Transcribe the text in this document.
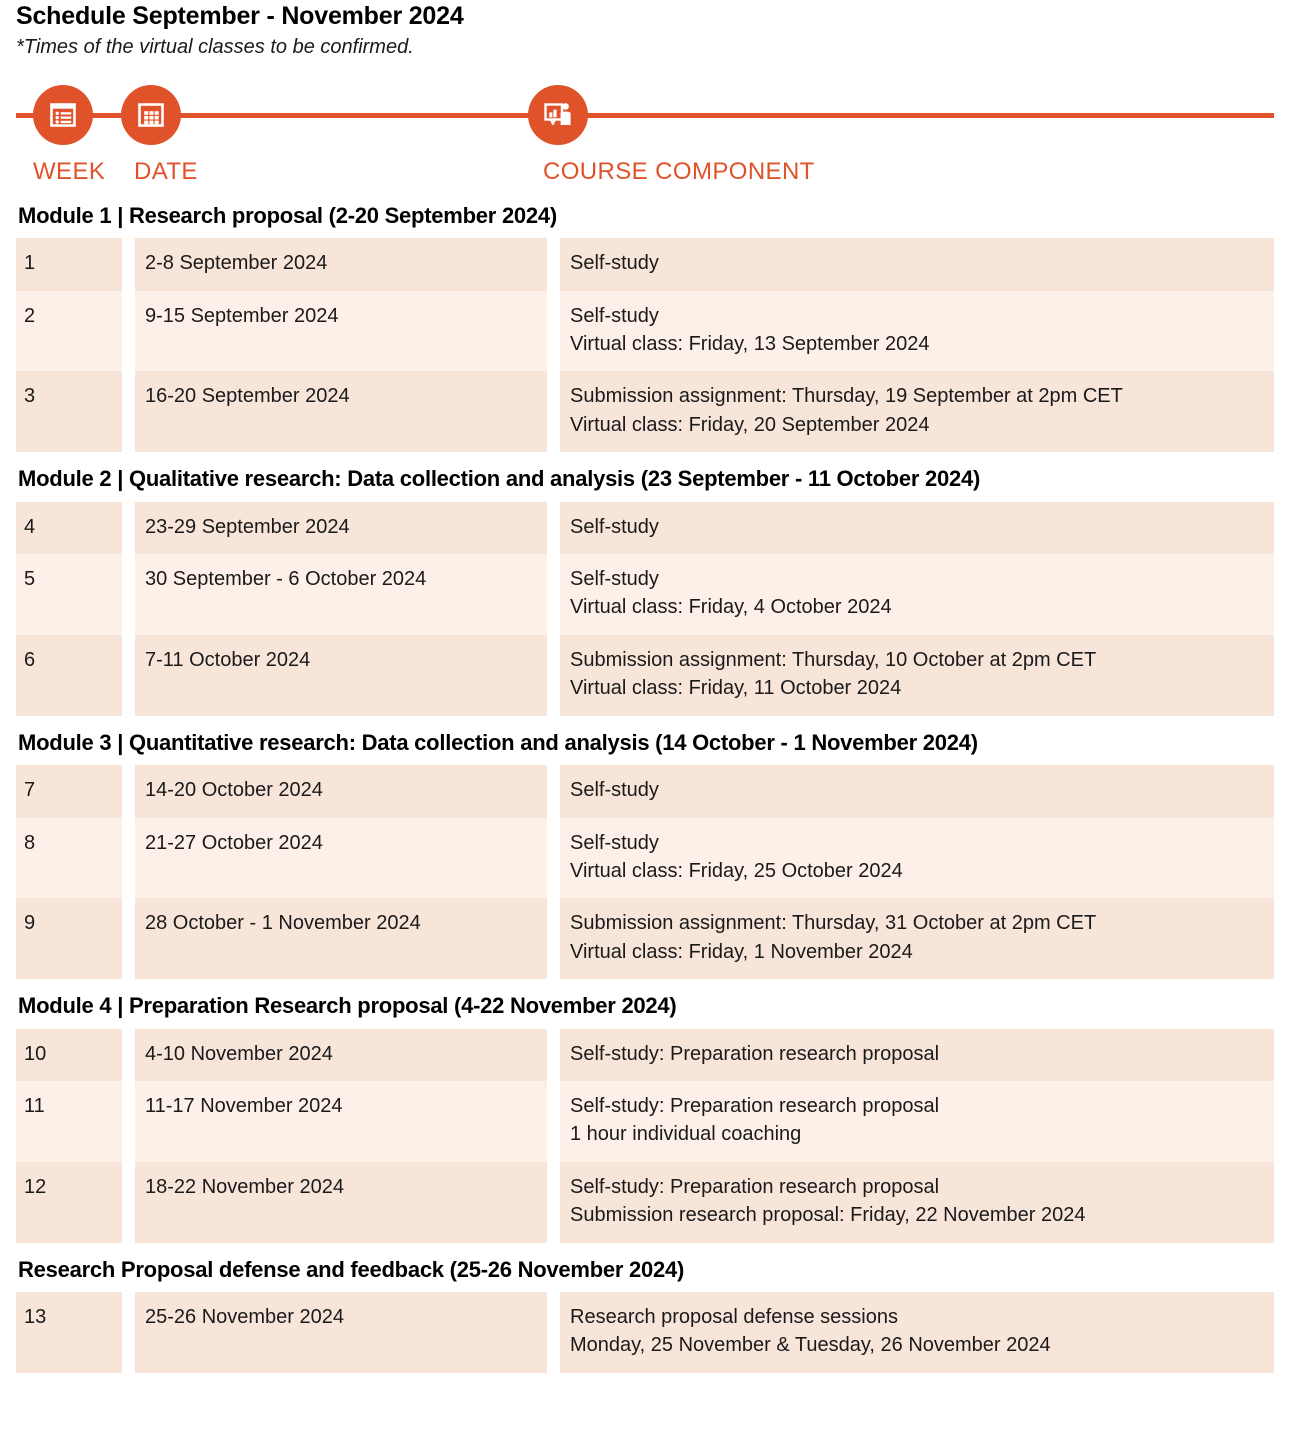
Schedule September - November 2024

*Times of the virtual classes to be confirmed.

WEEK DATE	COURSE COMPONENT
Module 1 | Research proposal (2-20 September 2024)
1		2-8 September 2024		Self-study

2		9-15 September 2024		Self-study
Virtual class: Friday, 13 September 2024

3		16-20 September 2024		Submission assignment: Thursday, 19 September at 2pm CET
Virtual class: Friday, 20 September 2024
Module 2 | Qualitative research: Data collection and analysis (23 September - 11 October 2024)
4		23-29 September 2024		Self-study

5		30 September - 6 October 2024		Self-study
Virtual class: Friday, 4 October 2024

6		7-11 October 2024		Submission assignment: Thursday, 10 October at 2pm CET
Virtual class: Friday, 11 October 2024
Module 3 | Quantitative research: Data collection and analysis (14 October - 1 November 2024)
7		14-20 October 2024		Self-study

8		21-27 October 2024		Self-study
Virtual class: Friday, 25 October 2024

9		28 October - 1 November 2024		Submission assignment: Thursday, 31 October at 2pm CET
Virtual class: Friday, 1 November 2024
Module 4 | Preparation Research proposal (4-22 November 2024)
10		4-10 November 2024		Self-study: Preparation research proposal

11		11-17 November 2024		Self-study: Preparation research proposal
1 hour individual coaching

12		18-22 November 2024		Self-study: Preparation research proposal
Submission research proposal: Friday, 22 November 2024
Research Proposal defense and feedback (25-26 November 2024)
13		25-26 November 2024		Research proposal defense sessions
Monday, 25 November & Tuesday, 26 November 2024
